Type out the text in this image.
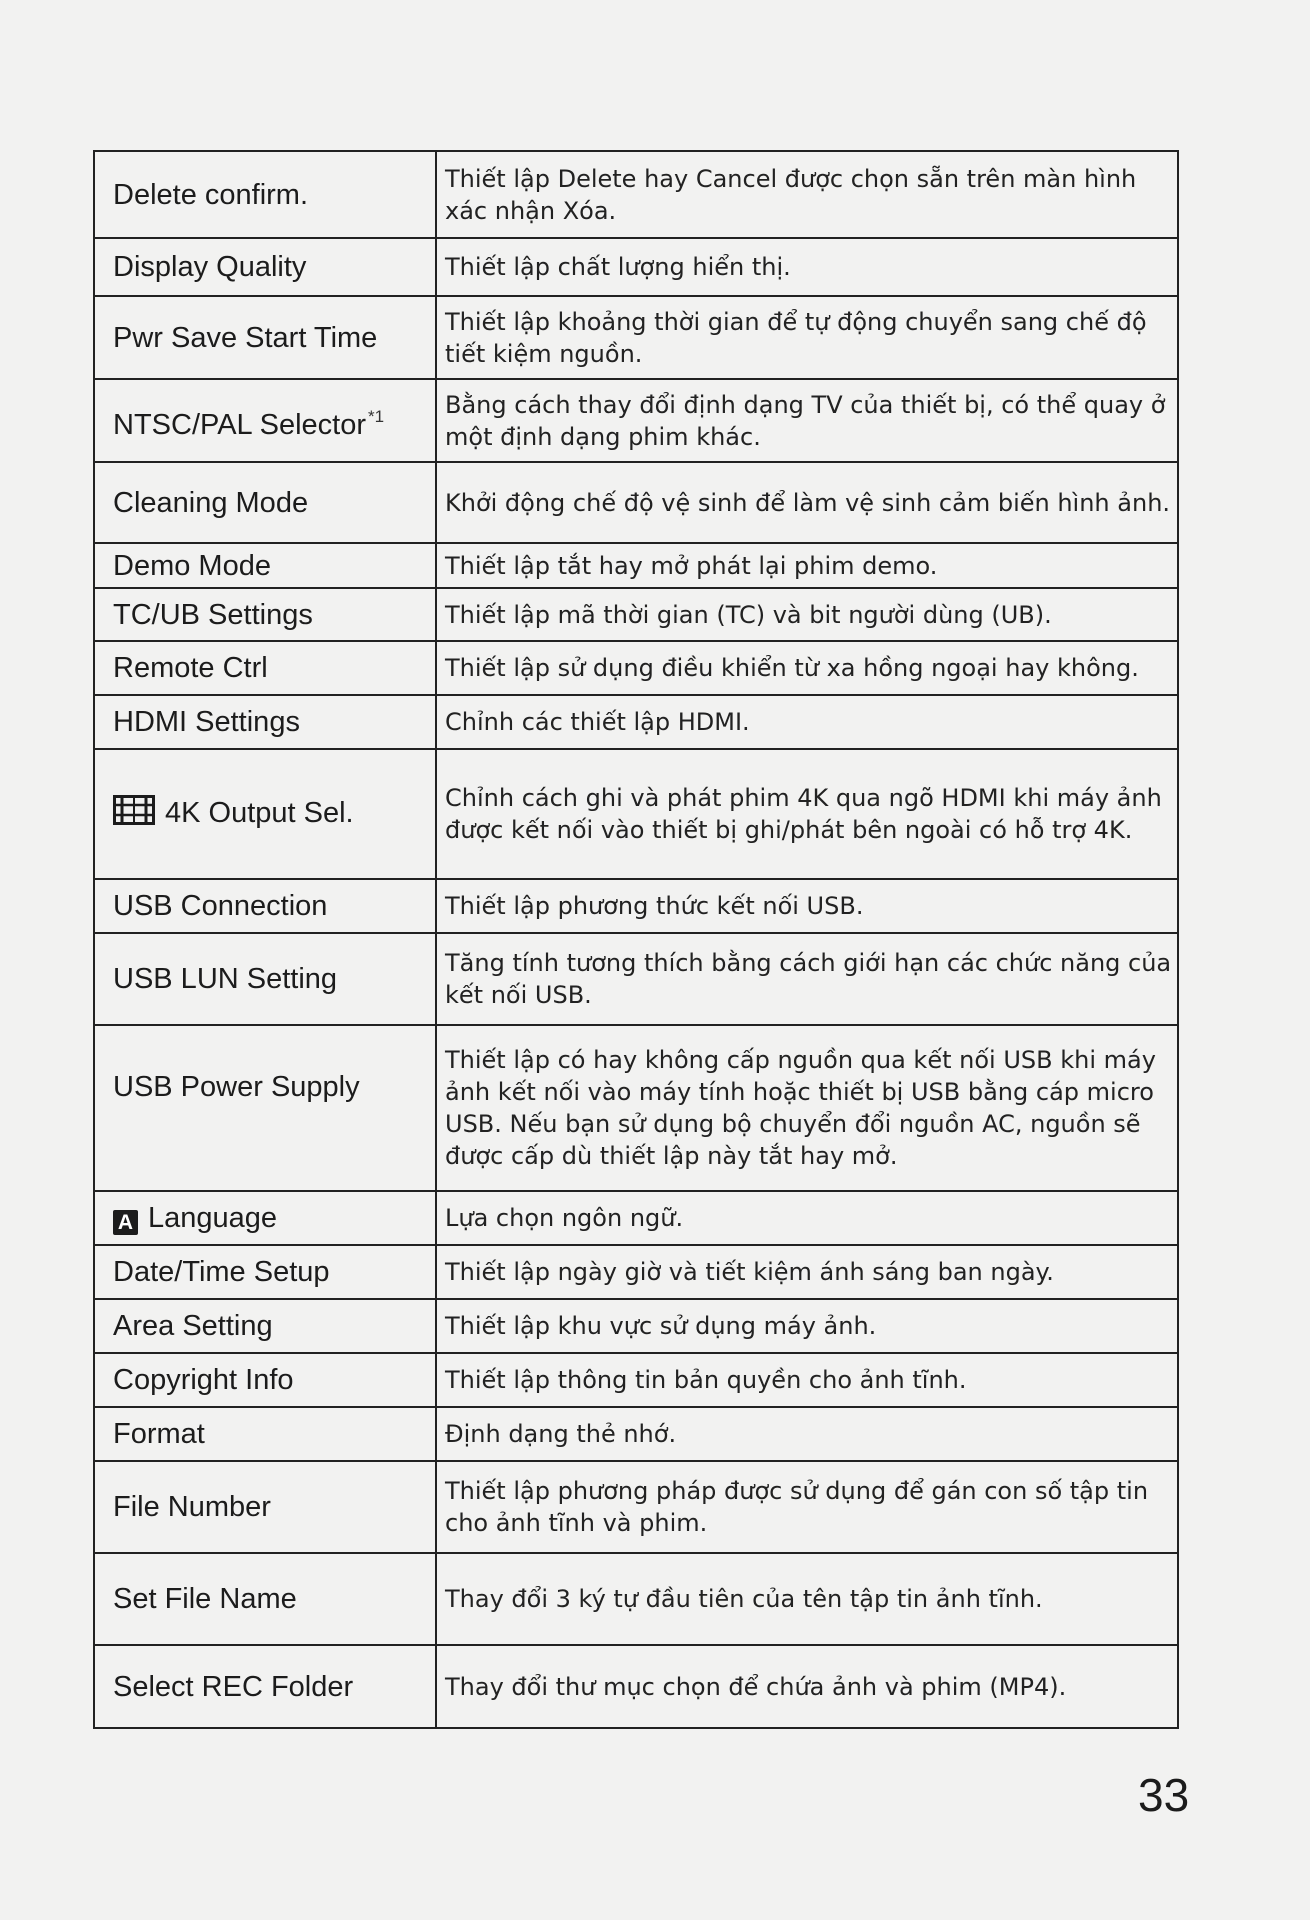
Delete confirm.	Thiết lập Delete hay Cancel được chọn sẵn trên màn hình xác nhận Xóa.
Display Quality	Thiết lập chất lượng hiển thị.
Pwr Save Start Time	Thiết lập khoảng thời gian để tự động chuyển sang chế độ tiết kiệm nguồn.
NTSC/PAL Selector $^{*1}$	Bằng cách thay đổi định dạng TV của thiết bị, có thể quay ở một định dạng phim khác.
Cleaning Mode	Khởi động chế độ vệ sinh để làm vệ sinh cảm biến hình ảnh.
Demo Mode	Thiết lập tắt hay mở phát lại phim demo.
TC/UB Settings	Thiết lập mã thời gian (TC) và bit người dùng (UB).
Remote Ctrl	Thiết lập sử dụng điều khiển từ xa hồng ngoại hay không.
HDMI Settings	Chỉnh các thiết lập HDMI.
4K Output Sel.	Chỉnh cách ghi và phát phim 4K qua ngõ HDMI khi máy ảnh được kết nối vào thiết bị ghi/phát bên ngoài có hỗ trợ 4K.
USB Connection	Thiết lập phương thức kết nối USB.
USB LUN Setting	Tăng tính tương thích bằng cách giới hạn các chức năng của kết nối USB.
USB Power Supply	Thiết lập có hay không cấp nguồn qua kết nối USB khi máy ảnh kết nối vào máy tính hoặc thiết bị USB bằng cáp micro USB. Nếu bạn sử dụng bộ chuyển đổi nguồn AC, nguồn sẽ được cấp dù thiết lập này tắt hay mở.
A Language	Lựa chọn ngôn ngữ.
Date/Time Setup	Thiết lập ngày giờ và tiết kiệm ánh sáng ban ngày.
Area Setting	Thiết lập khu vực sử dụng máy ảnh.
Copyright Info	Thiết lập thông tin bản quyền cho ảnh tĩnh.
Format	Định dạng thẻ nhớ.
File Number	Thiết lập phương pháp được sử dụng để gán con số tập tin cho ảnh tĩnh và phim.
Set File Name	Thay đổi 3 ký tự đầu tiên của tên tập tin ảnh tĩnh.
Select REC Folder	Thay đổi thư mục chọn để chứa ảnh và phim (MP4).
33
